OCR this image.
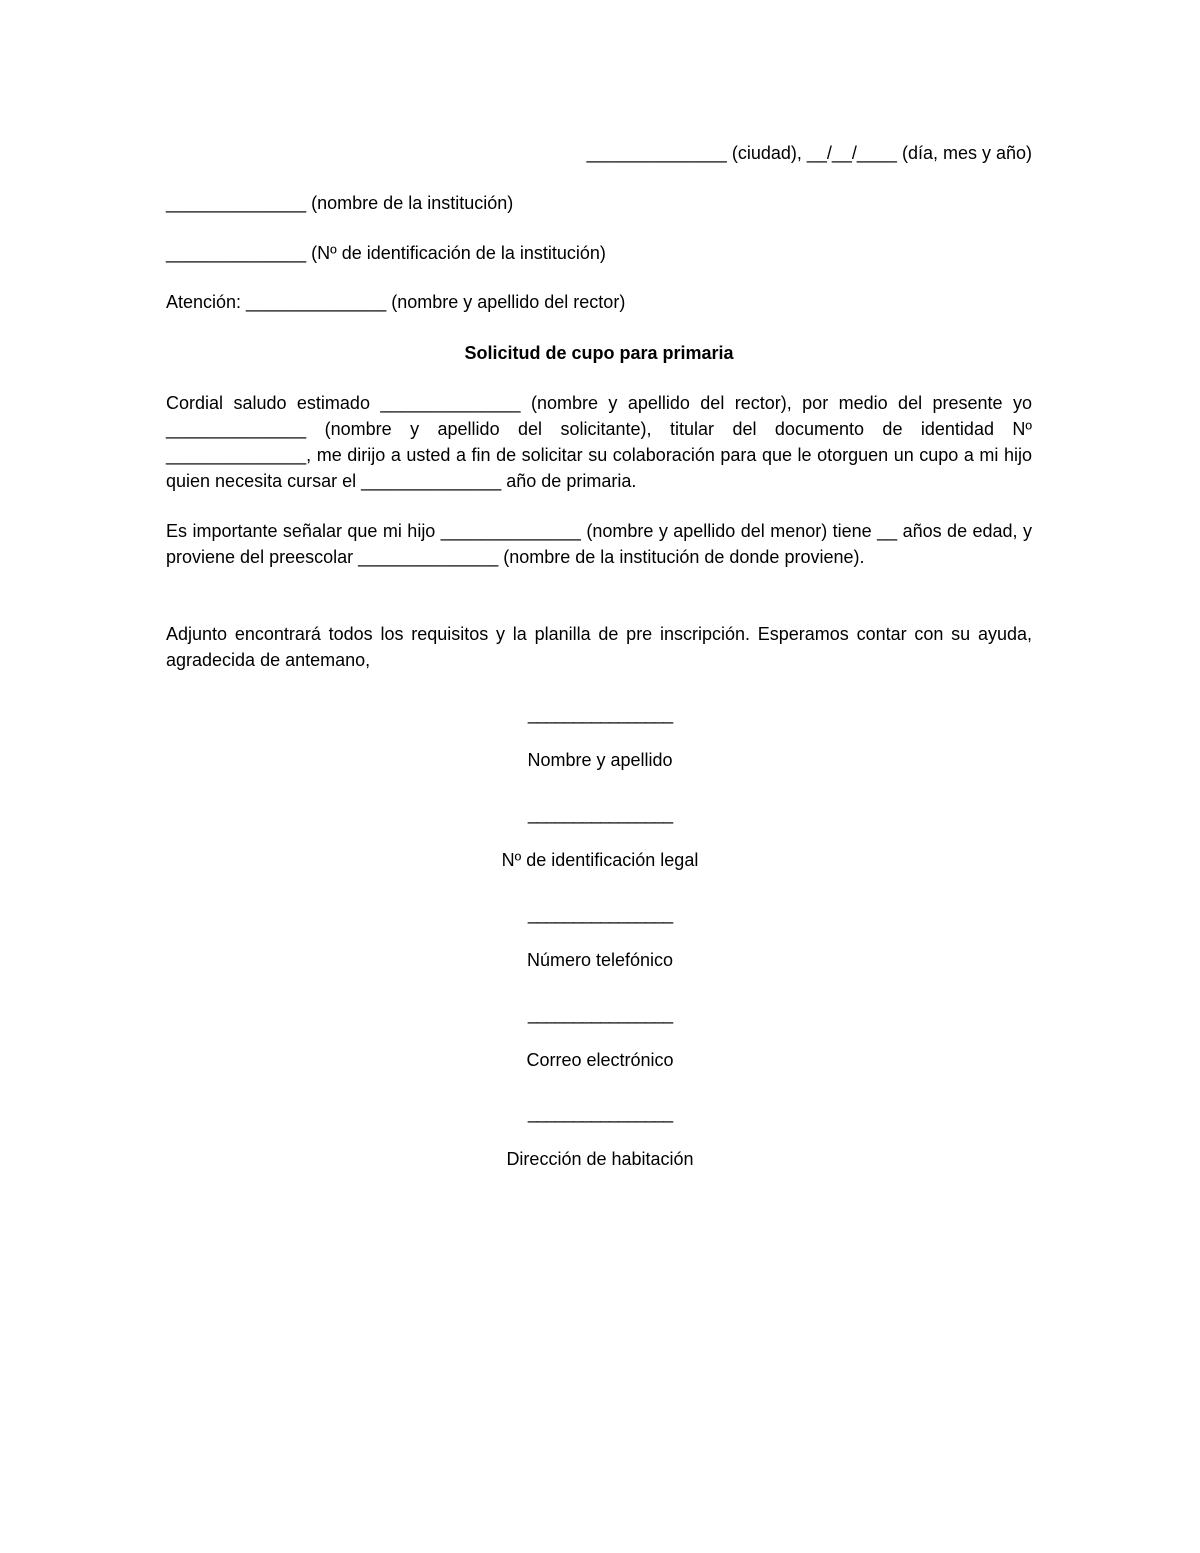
______________ (ciudad), __/__/____ (día, mes y año)
______________ (nombre de la institución)
______________ (Nº de identificación de la institución)
Atención: ______________ (nombre y apellido del rector)
Solicitud de cupo para primaria
Cordial saludo estimado ______________ (nombre y apellido del rector), por medio del presente yo ______________ (nombre y apellido del solicitante), titular del documento de identidad Nº ______________, me dirijo a usted a fin de solicitar su colaboración para que le otorguen un cupo a mi hijo quien necesita cursar el ______________ año de primaria.
Es importante señalar que mi hijo ______________ (nombre y apellido del menor) tiene __ años de edad, y proviene del preescolar ______________ (nombre de la institución de donde proviene).
Adjunto encontrará todos los requisitos y la planilla de pre inscripción. Esperamos contar con su ayuda, agradecida de antemano,
________________
Nombre y apellido
________________
Nº de identificación legal
________________
Número telefónico
________________
Correo electrónico
________________
Dirección de habitación
